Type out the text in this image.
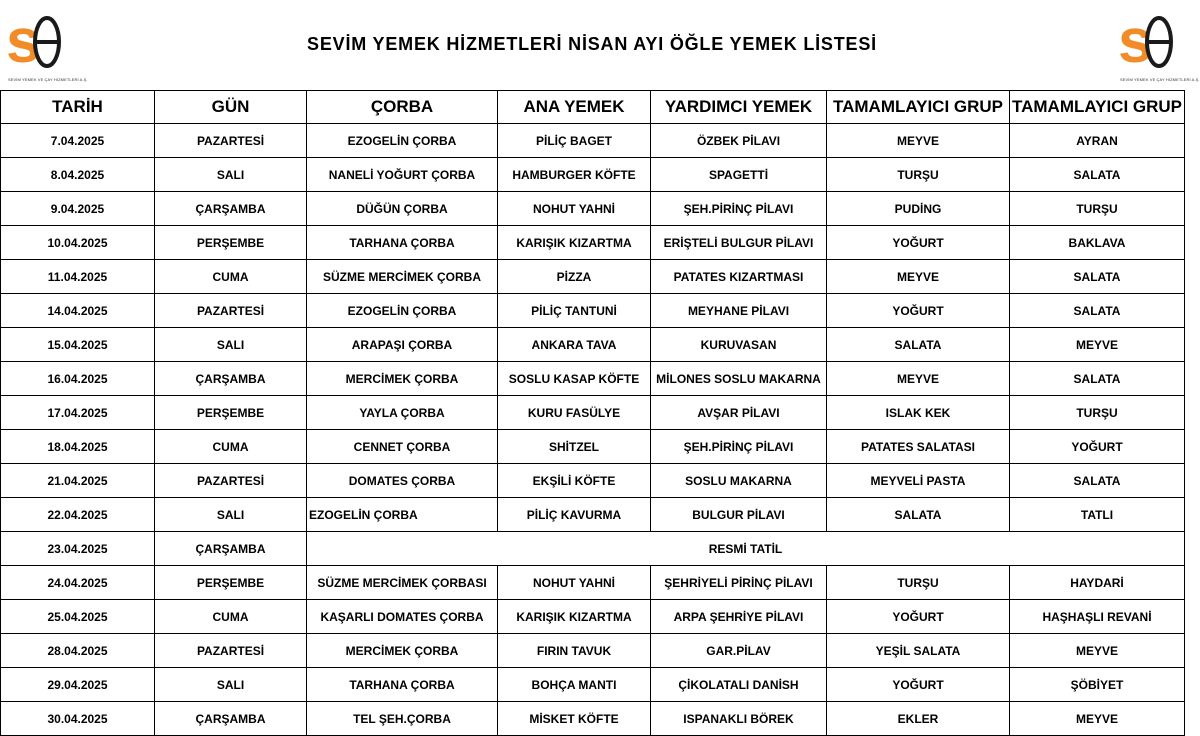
s
SEVİM YEMEK VE ÇAY HİZMETLERİ A.Ş.
SEVİM YEMEK HİZMETLERİ NİSAN AYI ÖĞLE YEMEK LİSTESİ	s
SEVİM YEMEK VE ÇAY HİZMETLERİ A.Ş.
TARİH	GÜN	ÇORBA	ANA YEMEK	YARDIMCI YEMEK	TAMAMLAYICI GRUP	TAMAMLAYICI GRUP
7.04.2025	PAZARTESİ	EZOGELİN ÇORBA	PİLİÇ BAGET	ÖZBEK PİLAVI	MEYVE	AYRAN
8.04.2025	SALI	NANELİ YOĞURT ÇORBA	HAMBURGER KÖFTE	SPAGETTİ	TURŞU	SALATA
9.04.2025	ÇARŞAMBA	DÜĞÜN ÇORBA	NOHUT YAHNİ	ŞEH.PİRİNÇ PİLAVI	PUDİNG	TURŞU
10.04.2025	PERŞEMBE	TARHANA ÇORBA	KARIŞIK KIZARTMA	ERİŞTELİ BULGUR PİLAVI	YOĞURT	BAKLAVA
11.04.2025	CUMA	SÜZME MERCİMEK ÇORBA	PİZZA	PATATES KIZARTMASI	MEYVE	SALATA
14.04.2025	PAZARTESİ	EZOGELİN ÇORBA	PİLİÇ TANTUNİ	MEYHANE PİLAVI	YOĞURT	SALATA
15.04.2025	SALI	ARAPAŞI ÇORBA	ANKARA TAVA	KURUVASAN	SALATA	MEYVE
16.04.2025	ÇARŞAMBA	MERCİMEK ÇORBA	SOSLU KASAP KÖFTE	MİLONES SOSLU MAKARNA	MEYVE	SALATA
17.04.2025	PERŞEMBE	YAYLA ÇORBA	KURU FASÜLYE	AVŞAR PİLAVI	ISLAK KEK	TURŞU
18.04.2025	CUMA	CENNET ÇORBA	SHİTZEL	ŞEH.PİRİNÇ PİLAVI	PATATES SALATASI	YOĞURT
21.04.2025	PAZARTESİ	DOMATES ÇORBA	EKŞİLİ KÖFTE	SOSLU MAKARNA	MEYVELİ PASTA	SALATA
22.04.2025	SALI	EZOGELİN ÇORBA	PİLİÇ KAVURMA	BULGUR PİLAVI	SALATA	TATLI
23.04.2025	ÇARŞAMBA	RESMİ TATİL				
24.04.2025	PERŞEMBE	SÜZME MERCİMEK ÇORBASI	NOHUT YAHNİ	ŞEHRİYELİ PİRİNÇ PİLAVI	TURŞU	HAYDARİ
25.04.2025	CUMA	KAŞARLI DOMATES ÇORBA	KARIŞIK KIZARTMA	ARPA ŞEHRİYE PİLAVI	YOĞURT	HAŞHAŞLI REVANİ
28.04.2025	PAZARTESİ	MERCİMEK ÇORBA	FIRIN TAVUK	GAR.PİLAV	YEŞİL SALATA	MEYVE
29.04.2025	SALI	TARHANA ÇORBA	BOHÇA MANTI	ÇİKOLATALI DANİSH	YOĞURT	ŞÖBİYET
30.04.2025	ÇARŞAMBA	TEL ŞEH.ÇORBA	MİSKET KÖFTE	ISPANAKLI BÖREK	EKLER	MEYVE
